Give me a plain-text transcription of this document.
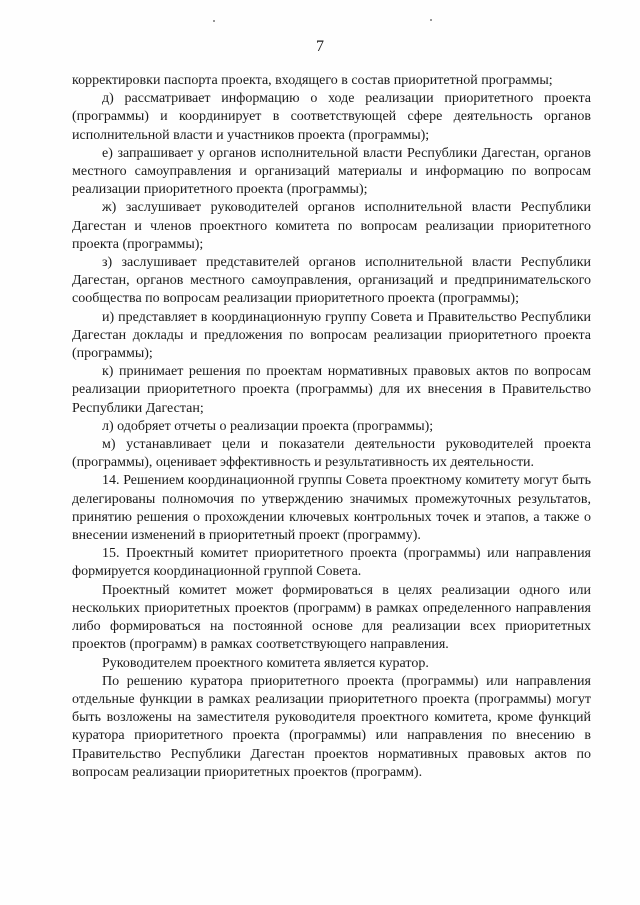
7

корректировки паспорта проекта, входящего в состав приоритетной программы;

д) рассматривает информацию о ходе реализации приоритетного проекта (программы) и координирует в соответствующей сфере деятельность органов исполнительной власти и участников проекта (программы);

е) запрашивает у органов исполнительной власти Республики Дагестан, органов местного самоуправления и организаций материалы и информацию по вопросам реализации приоритетного проекта (программы);

ж) заслушивает руководителей органов исполнительной власти Республики Дагестан и членов проектного комитета по вопросам реализации приоритетного проекта (программы);

з) заслушивает представителей органов исполнительной власти Республики Дагестан, органов местного самоуправления, организаций и предпринимательского сообщества по вопросам реализации приоритетного проекта (программы);

и) представляет в координационную группу Совета и Правительство Республики Дагестан доклады и предложения по вопросам реализации приоритетного проекта (программы);

к) принимает решения по проектам нормативных правовых актов по вопросам реализации приоритетного проекта (программы) для их внесения в Правительство Республики Дагестан;

л) одобряет отчеты о реализации проекта (программы);

м) устанавливает цели и показатели деятельности руководителей проекта (программы), оценивает эффективность и результативность их деятельности.

14. Решением координационной группы Совета проектному комитету могут быть делегированы полномочия по утверждению значимых промежуточных результатов, принятию решения о прохождении ключевых контрольных точек и этапов, а также о внесении изменений в приоритетный проект (программу).

15. Проектный комитет приоритетного проекта (программы) или направления формируется координационной группой Совета.

Проектный комитет может формироваться в целях реализации одного или нескольких приоритетных проектов (программ) в рамках определенного направления либо формироваться на постоянной основе для реализации всех приоритетных проектов (программ) в рамках соответствующего направления.

Руководителем проектного комитета является куратор.

По решению куратора приоритетного проекта (программы) или направления отдельные функции в рамках реализации приоритетного проекта (программы) могут быть возложены на заместителя руководителя проектного комитета, кроме функций куратора приоритетного проекта (программы) или направления по внесению в Правительство Республики Дагестан проектов нормативных правовых актов по вопросам реализации приоритетных проектов (программ).
